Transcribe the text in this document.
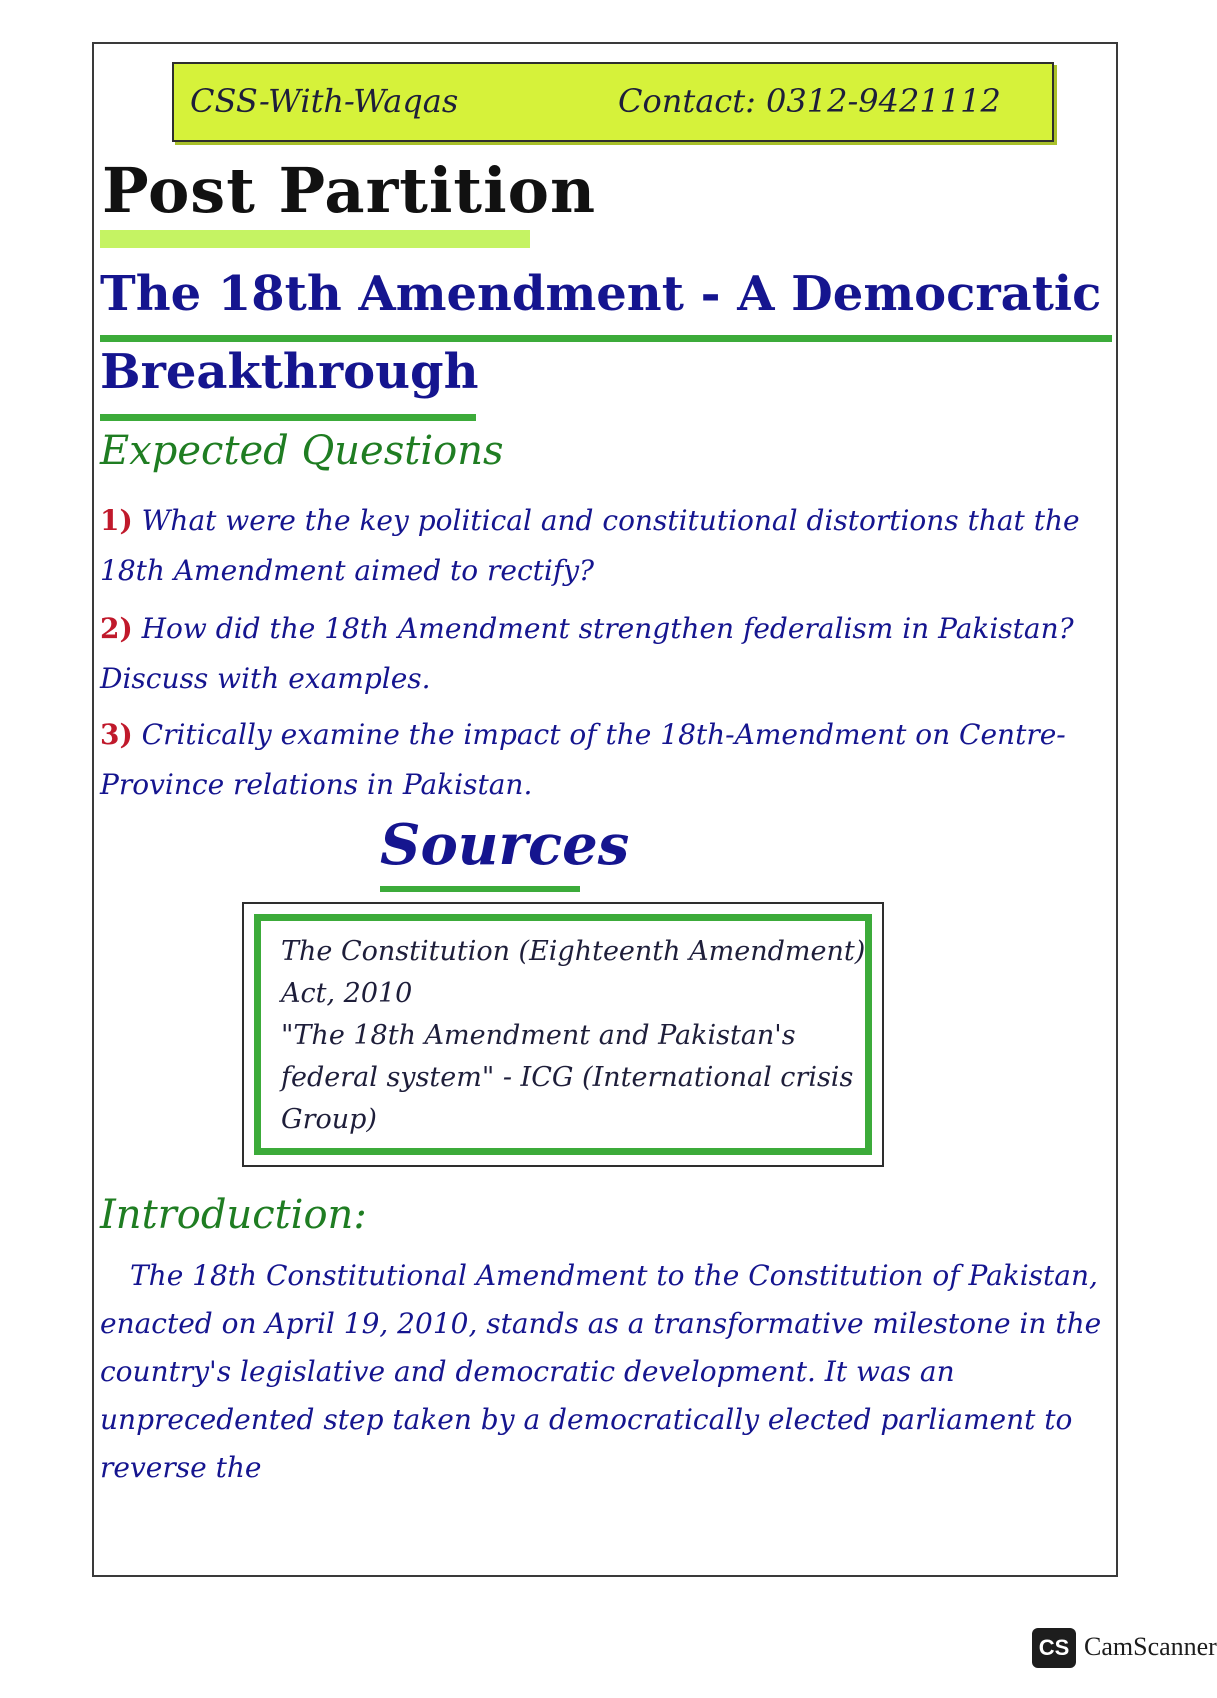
CSS-With-Waqas	Contact: 0312-9421112
Post Partition
The 18th Amendment - A Democratic
Breakthrough
Expected Questions
1) What were the key political and constitutional distortions that the 18th Amendment aimed to rectify?
2) How did the 18th Amendment strengthen federalism in Pakistan? Discuss with examples.
3) Critically examine the impact of the 18th-Amendment on Centre-Province relations in Pakistan.
Sources
The Constitution (Eighteenth Amendment) Act, 2010
"The 18th Amendment and Pakistan's federal system" - ICG (International crisis Group)
Introduction:
The 18th Constitutional Amendment to the Constitution of Pakistan, enacted on April 19, 2010, stands as a transformative milestone in the country's legislative and democratic development. It was an unprecedented step taken by a democratically elected parliament to reverse the
CS CamScanner
